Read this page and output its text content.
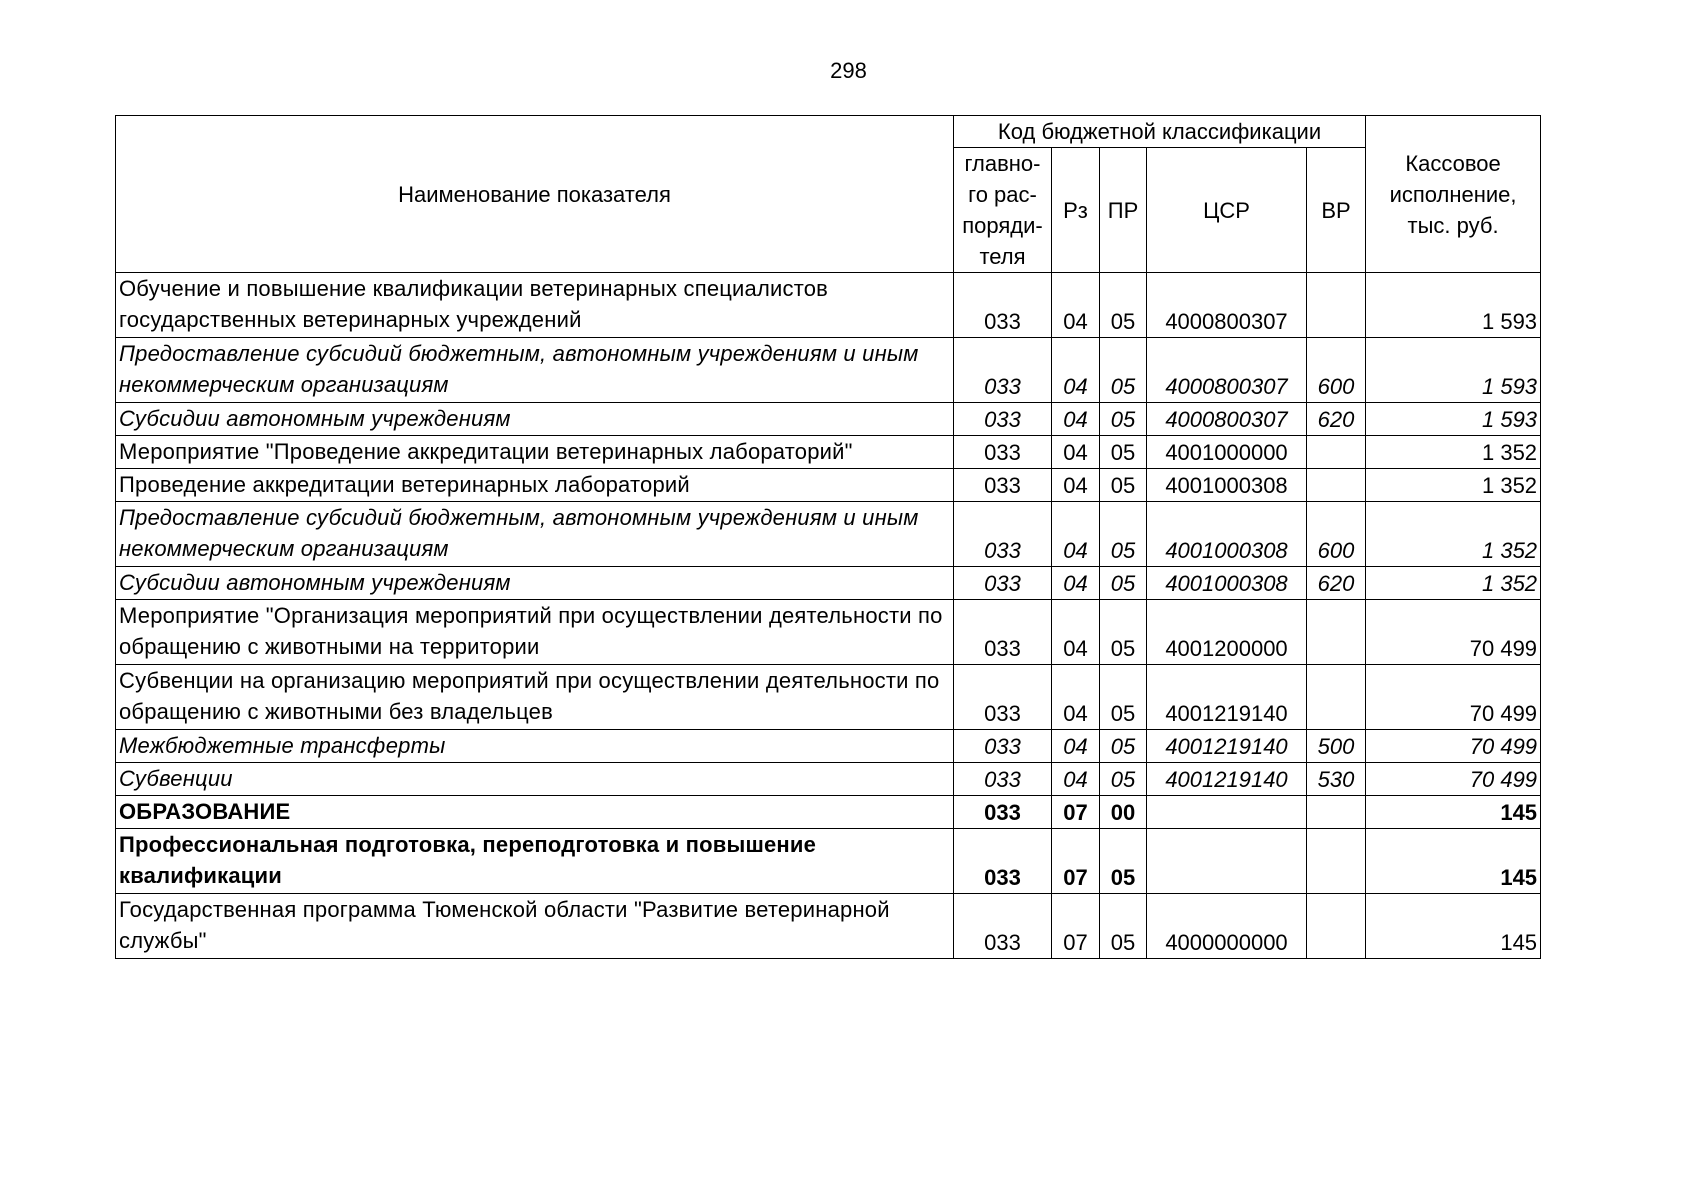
298
Наименование показателя	Код бюджетной классификации					Кассовое исполнение, тыс. руб.
	главно-го рас-поряди-теля	Рз	ПР	ЦСР	ВР	
Обучение и повышение квалификации ветеринарных специалистов государственных ветеринарных учреждений	033	04	05	4000800307		1 593
Предоставление субсидий бюджетным, автономным учреждениям и иным некоммерческим организациям	033	04	05	4000800307	600	1 593
Субсидии автономным учреждениям	033	04	05	4000800307	620	1 593
Мероприятие "Проведение аккредитации ветеринарных лабораторий"	033	04	05	4001000000		1 352
Проведение аккредитации ветеринарных лабораторий	033	04	05	4001000308		1 352
Предоставление субсидий бюджетным, автономным учреждениям и иным некоммерческим организациям	033	04	05	4001000308	600	1 352
Субсидии автономным учреждениям	033	04	05	4001000308	620	1 352
Мероприятие "Организация мероприятий при осуществлении деятельности по обращению с животными на территории	033	04	05	4001200000		70 499
Субвенции на организацию мероприятий при осуществлении деятельности по обращению с животными без владельцев	033	04	05	4001219140		70 499
Межбюджетные трансферты	033	04	05	4001219140	500	70 499
Субвенции	033	04	05	4001219140	530	70 499
ОБРАЗОВАНИЕ	033	07	00			145
Профессиональная подготовка, переподготовка и повышение квалификации	033	07	05			145
Государственная программа Тюменской области "Развитие ветеринарной службы"	033	07	05	4000000000		145
